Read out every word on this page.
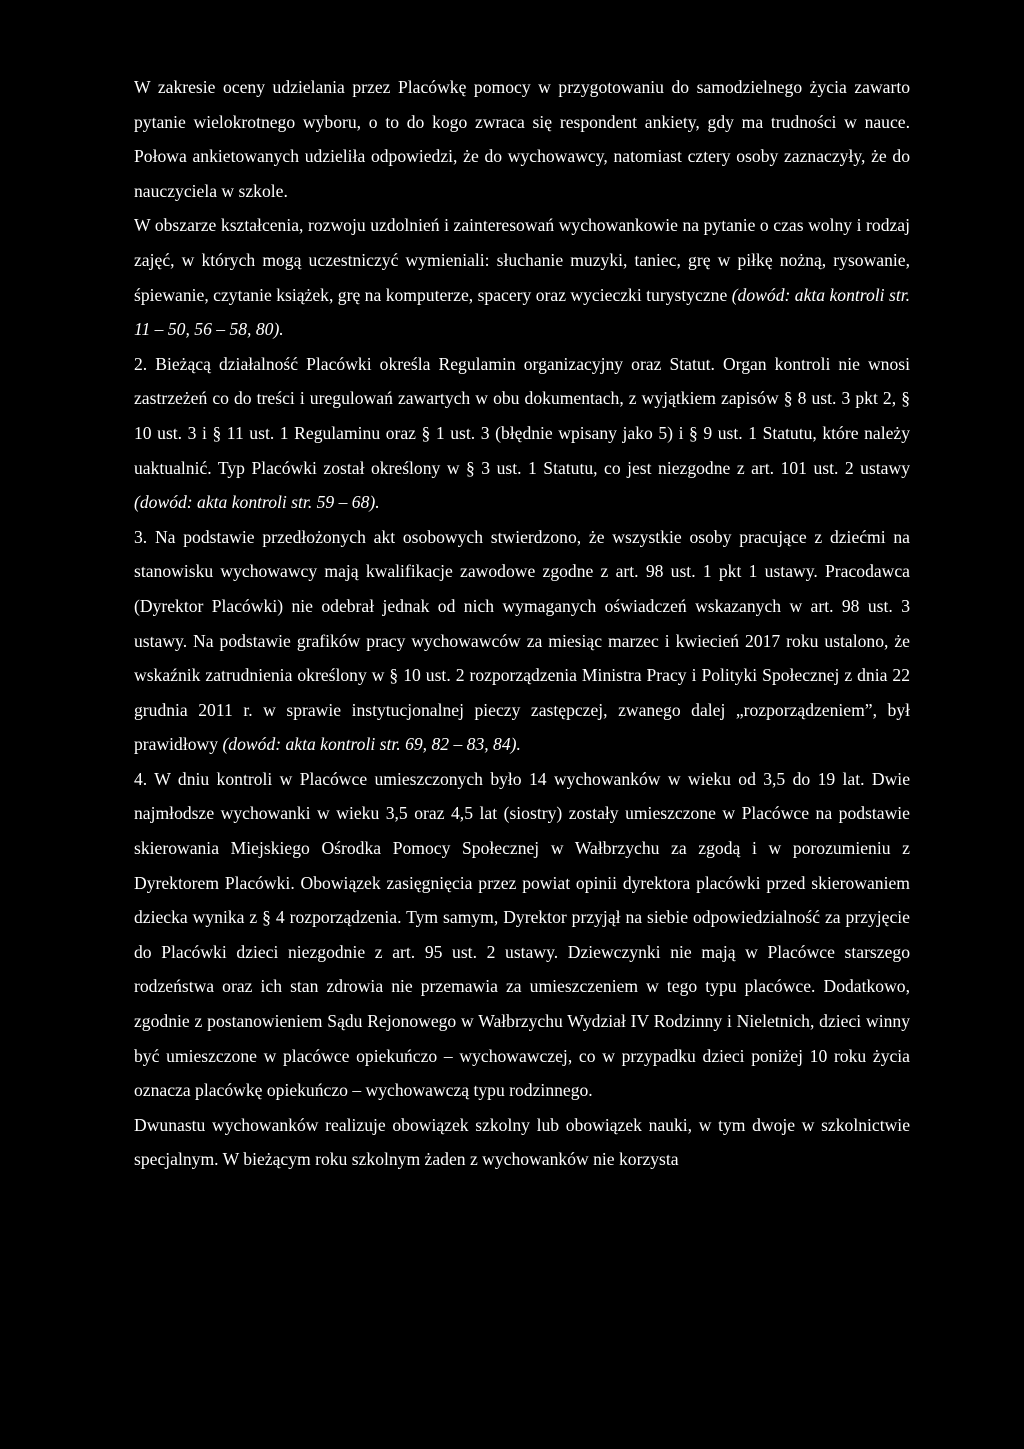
W zakresie oceny udzielania przez Placówkę pomocy w przygotowaniu do samodzielnego życia zawarto pytanie wielokrotnego wyboru, o to do kogo zwraca się respondent ankiety, gdy ma trudności w nauce. Połowa ankietowanych udzieliła odpowiedzi, że do wychowawcy, natomiast cztery osoby zaznaczyły, że do nauczyciela w szkole.

W obszarze kształcenia, rozwoju uzdolnień i zainteresowań wychowankowie na pytanie o czas wolny i rodzaj zajęć, w których mogą uczestniczyć wymieniali: słuchanie muzyki, taniec, grę w piłkę nożną, rysowanie, śpiewanie, czytanie książek, grę na komputerze, spacery oraz wycieczki turystyczne (dowód: akta kontroli str. 11 – 50, 56 – 58, 80).

2. Bieżącą działalność Placówki określa Regulamin organizacyjny oraz Statut. Organ kontroli nie wnosi zastrzeżeń co do treści i uregulowań zawartych w obu dokumentach, z wyjątkiem zapisów § 8 ust. 3 pkt 2, § 10 ust. 3 i § 11 ust. 1 Regulaminu oraz § 1 ust. 3 (błędnie wpisany jako 5) i § 9 ust. 1 Statutu, które należy uaktualnić. Typ Placówki został określony w § 3 ust. 1 Statutu, co jest niezgodne z art. 101 ust. 2 ustawy (dowód: akta kontroli str. 59 – 68).

3. Na podstawie przedłożonych akt osobowych stwierdzono, że wszystkie osoby pracujące z dziećmi na stanowisku wychowawcy mają kwalifikacje zawodowe zgodne z art. 98 ust. 1 pkt 1 ustawy. Pracodawca (Dyrektor Placówki) nie odebrał jednak od nich wymaganych oświadczeń wskazanych w art. 98 ust. 3 ustawy. Na podstawie grafików pracy wychowawców za miesiąc marzec i kwiecień 2017 roku ustalono, że wskaźnik zatrudnienia określony w § 10 ust. 2 rozporządzenia Ministra Pracy i Polityki Społecznej z dnia 22 grudnia 2011 r. w sprawie instytucjonalnej pieczy zastępczej, zwanego dalej „rozporządzeniem”, był prawidłowy (dowód: akta kontroli str. 69, 82 – 83, 84).

4. W dniu kontroli w Placówce umieszczonych było 14 wychowanków w wieku od 3,5 do 19 lat. Dwie najmłodsze wychowanki w wieku 3,5 oraz 4,5 lat (siostry) zostały umieszczone w Placówce na podstawie skierowania Miejskiego Ośrodka Pomocy Społecznej w Wałbrzychu za zgodą i w porozumieniu z Dyrektorem Placówki. Obowiązek zasięgnięcia przez powiat opinii dyrektora placówki przed skierowaniem dziecka wynika z § 4 rozporządzenia. Tym samym, Dyrektor przyjął na siebie odpowiedzialność za przyjęcie do Placówki dzieci niezgodnie z art. 95 ust. 2 ustawy. Dziewczynki nie mają w Placówce starszego rodzeństwa oraz ich stan zdrowia nie przemawia za umieszczeniem w tego typu placówce. Dodatkowo, zgodnie z postanowieniem Sądu Rejonowego w Wałbrzychu Wydział IV Rodzinny i Nieletnich, dzieci winny być umieszczone w placówce opiekuńczo – wychowawczej, co w przypadku dzieci poniżej 10 roku życia oznacza placówkę opiekuńczo – wychowawczą typu rodzinnego.

Dwunastu wychowanków realizuje obowiązek szkolny lub obowiązek nauki, w tym dwoje w szkolnictwie specjalnym. W bieżącym roku szkolnym żaden z wychowanków nie korzysta
